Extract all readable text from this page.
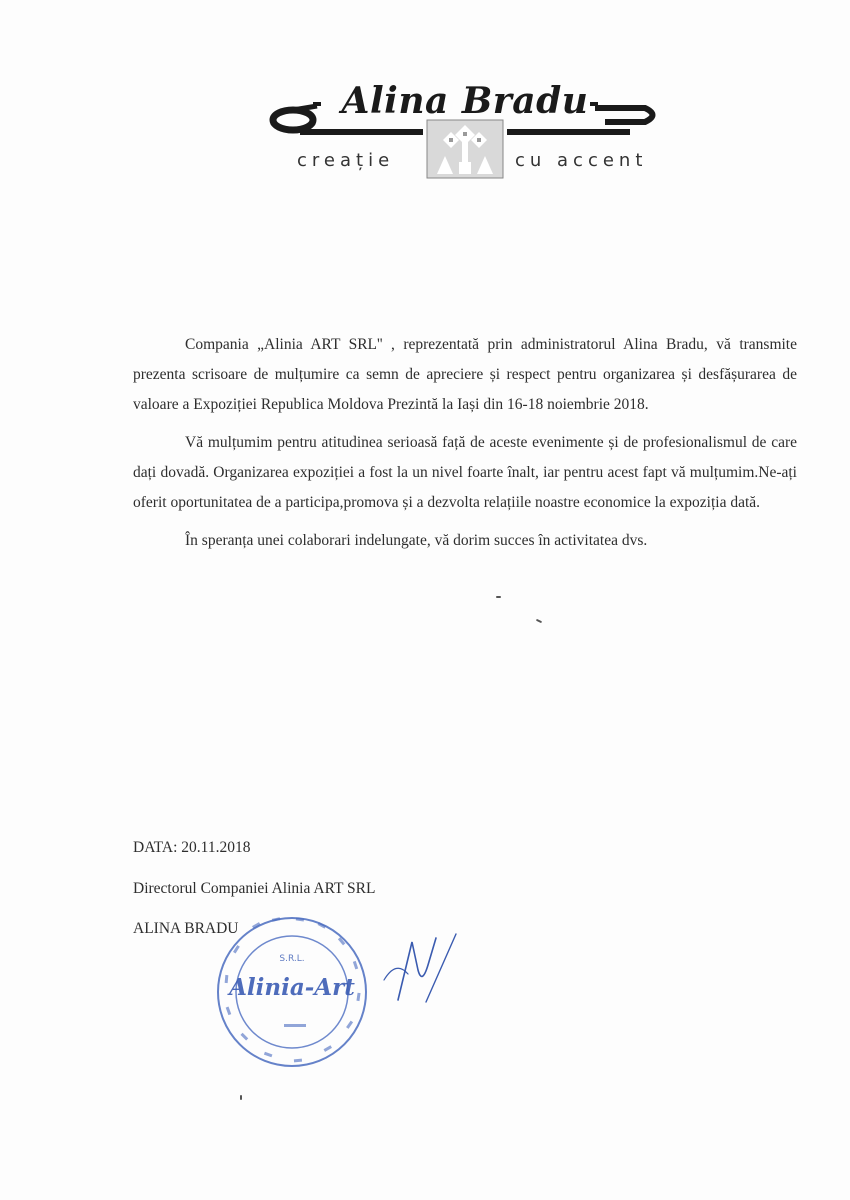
Alina Bradu
creație	cu accent

Compania „Alinia ART SRL'' , reprezentată prin administratorul Alina Bradu, vă transmite prezenta scrisoare de mulțumire ca semn de apreciere și respect pentru organizarea și desfășurarea de valoare a Expoziției Republica Moldova Prezintă la Iași din 16-18 noiembrie 2018.

Vă mulțumim pentru atitudinea serioasă față de aceste evenimente și de profesionalismul de care dați dovadă. Organizarea expoziției a fost la un nivel foarte înalt, iar pentru acest fapt vă mulțumim.Ne-ați oferit oportunitatea de a participa,promova și a dezvolta relațiile noastre economice la expoziția dată.

În speranța unei colaborari indelungate, vă dorim succes în activitatea dvs.

DATA: 20.11.2018
Directorul Companiei Alinia ART SRL
ALINA BRADU
S.R.L.
Alinia-Art
